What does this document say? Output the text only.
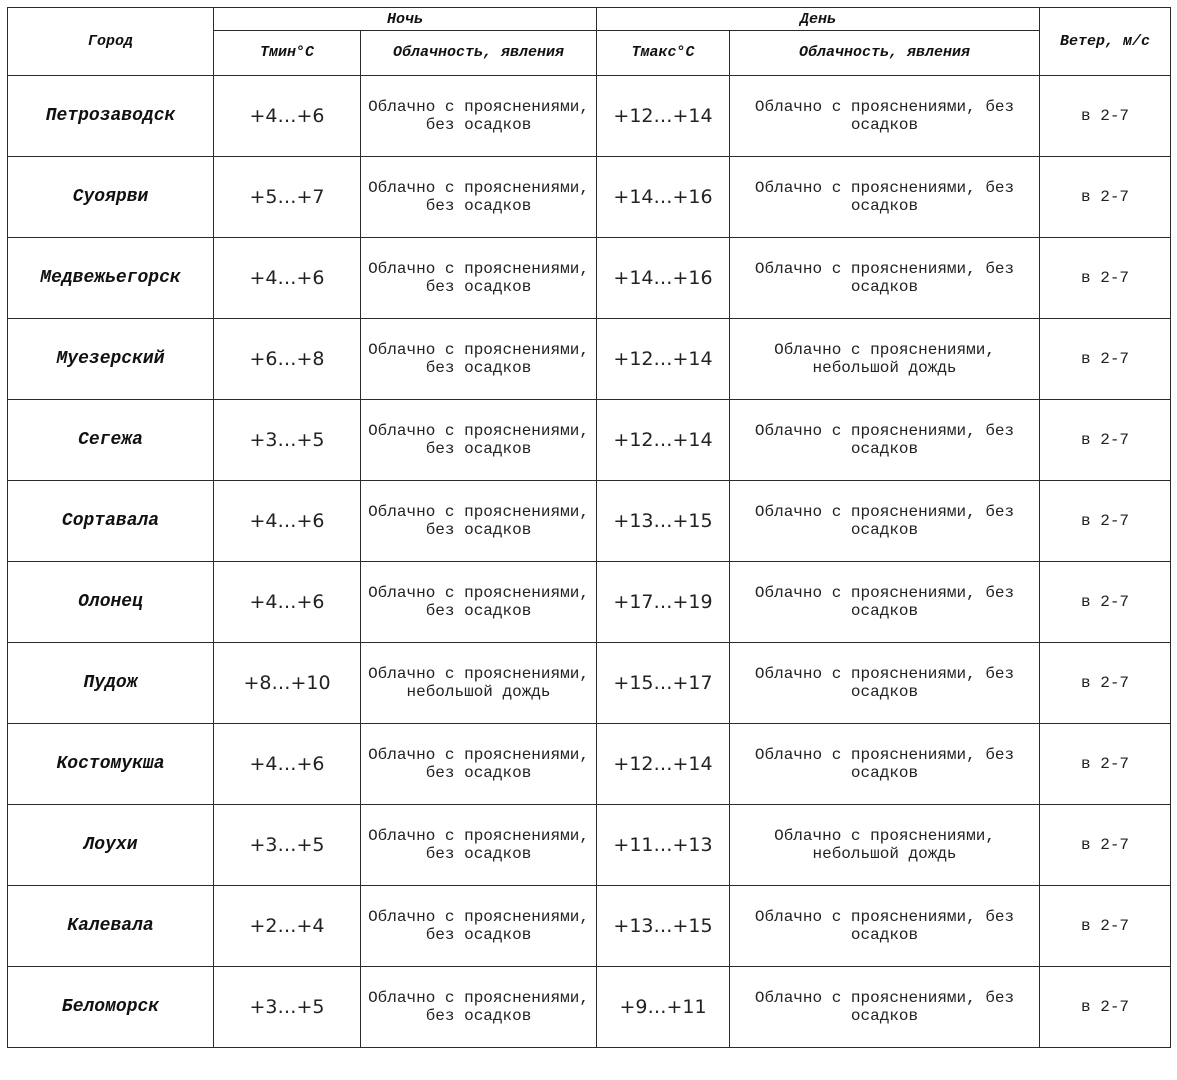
Город	Ночь		День		Ветер, м/с
	Тмин°С	Облачность, явления	Тмакс°С	Облачность, явления	
Петрозаводск	+4…+6	Облачно с прояснениями, без осадков	+12…+14	Облачно с прояснениями, без осадков	в 2-7
Суоярви	+5…+7	Облачно с прояснениями, без осадков	+14…+16	Облачно с прояснениями, без осадков	в 2-7
Медвежьегорск	+4…+6	Облачно с прояснениями, без осадков	+14…+16	Облачно с прояснениями, без осадков	в 2-7
Муезерский	+6…+8	Облачно с прояснениями, без осадков	+12…+14	Облачно с прояснениями, небольшой дождь	в 2-7
Сегежа	+3…+5	Облачно с прояснениями, без осадков	+12…+14	Облачно с прояснениями, без осадков	в 2-7
Сортавала	+4…+6	Облачно с прояснениями, без осадков	+13…+15	Облачно с прояснениями, без осадков	в 2-7
Олонец	+4…+6	Облачно с прояснениями, без осадков	+17…+19	Облачно с прояснениями, без осадков	в 2-7
Пудож	+8…+10	Облачно с прояснениями, небольшой дождь	+15…+17	Облачно с прояснениями, без осадков	в 2-7
Костомукша	+4…+6	Облачно с прояснениями, без осадков	+12…+14	Облачно с прояснениями, без осадков	в 2-7
Лоухи	+3…+5	Облачно с прояснениями, без осадков	+11…+13	Облачно с прояснениями, небольшой дождь	в 2-7
Калевала	+2…+4	Облачно с прояснениями, без осадков	+13…+15	Облачно с прояснениями, без осадков	в 2-7
Беломорск	+3…+5	Облачно с прояснениями, без осадков	+9…+11	Облачно с прояснениями, без осадков	в 2-7
